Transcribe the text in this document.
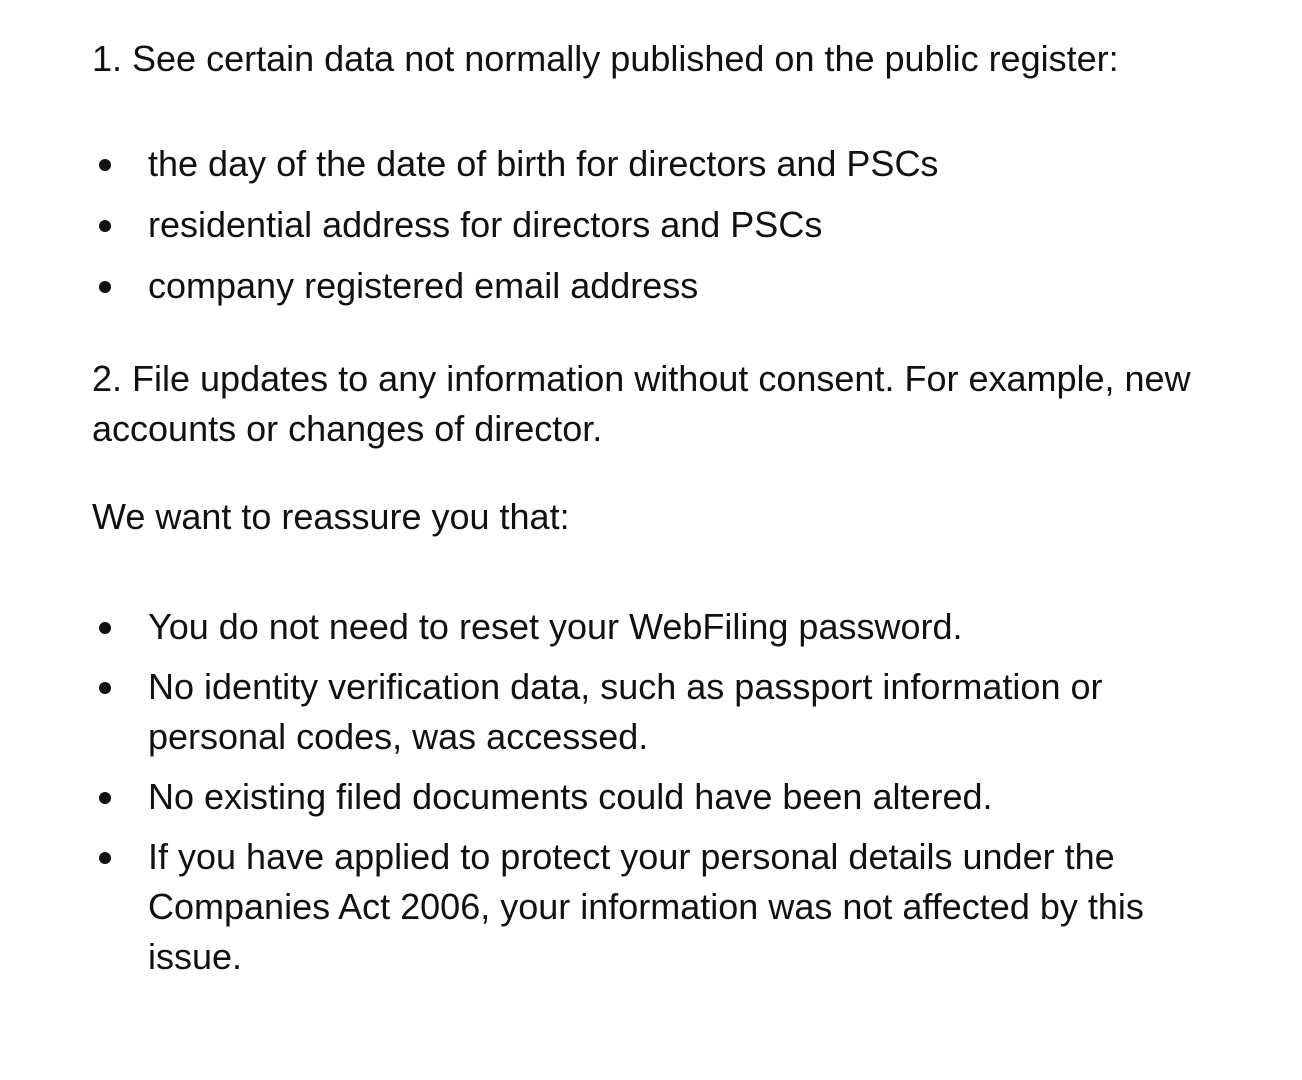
1. See certain data not normally published on the public register:

the day of the date of birth for directors and PSCs
residential address for directors and PSCs
company registered email address

2. File updates to any information without consent. For example, new accounts or changes of director.

We want to reassure you that:

You do not need to reset your WebFiling password.
No identity verification data, such as passport information or personal codes, was accessed.
No existing filed documents could have been altered.
If you have applied to protect your personal details under the Companies Act 2006, your information was not affected by this issue.
